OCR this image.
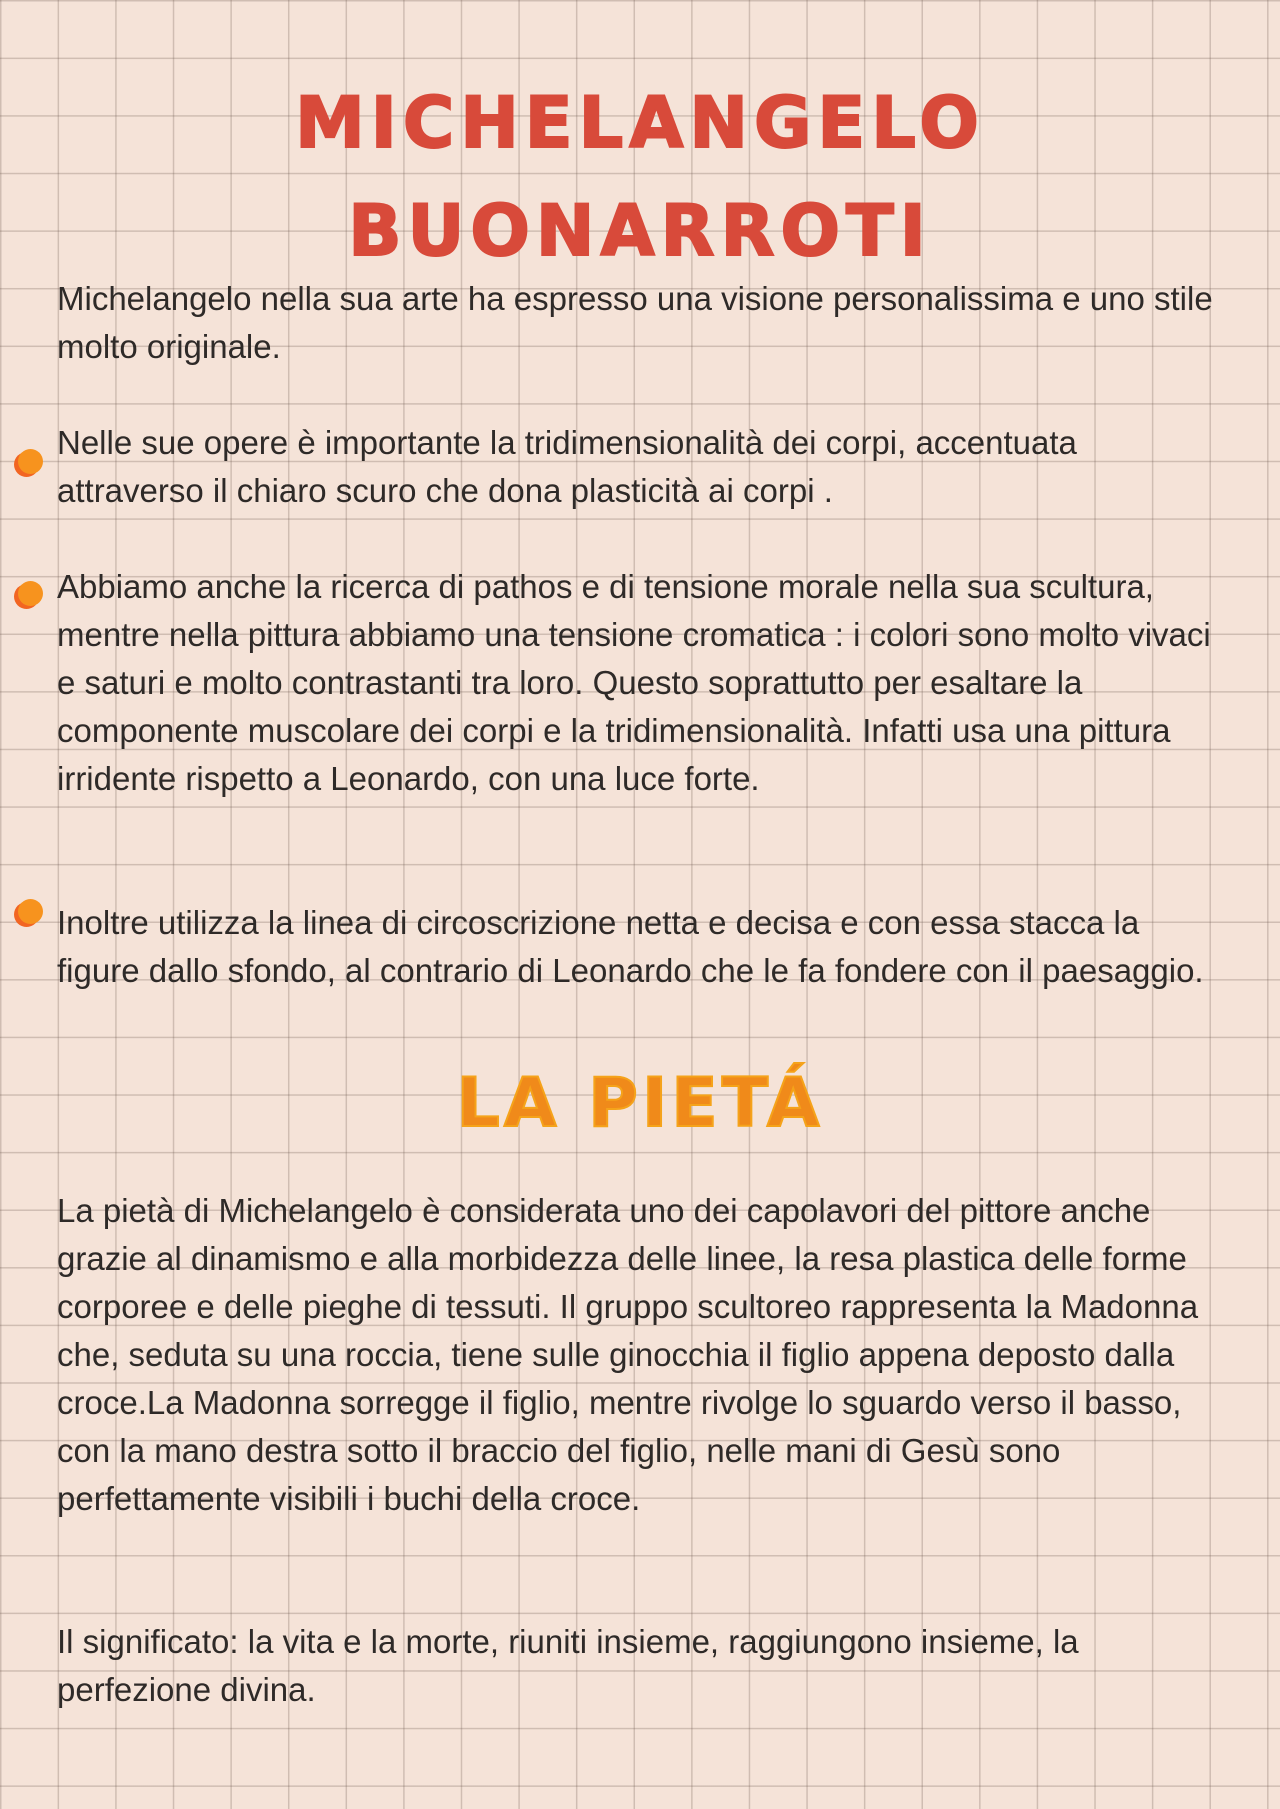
MICHELANGELO
BUONARROTI

Michelangelo nella sua arte ha espresso una visione personalissima e uno stile molto originale.

Nelle sue opere è importante la tridimensionalità dei corpi, accentuata attraverso il chiaro scuro che dona plasticità ai corpi .

Abbiamo anche la ricerca di pathos e di tensione morale nella sua scultura, mentre nella pittura abbiamo una tensione cromatica : i colori sono molto vivaci e saturi e molto contrastanti tra loro. Questo soprattutto per esaltare la componente muscolare dei corpi e la tridimensionalità. Infatti usa una pittura irridente rispetto a Leonardo, con una luce forte.

Inoltre utilizza la linea di circoscrizione netta e decisa e con essa stacca la figure dallo sfondo, al contrario di Leonardo che le fa fondere con il paesaggio.

LA PIETÁ

La pietà di Michelangelo è considerata uno dei capolavori del pittore anche grazie al dinamismo e alla morbidezza delle linee, la resa plastica delle forme corporee e delle pieghe di tessuti. Il gruppo scultoreo rappresenta la Madonna che, seduta su una roccia, tiene sulle ginocchia il figlio appena deposto dalla croce.La Madonna sorregge il figlio, mentre rivolge lo sguardo verso il basso, con la mano destra sotto il braccio del figlio, nelle mani di Gesù sono perfettamente visibili i buchi della croce.

Il significato: la vita e la morte, riuniti insieme, raggiungono insieme, la perfezione divina.
